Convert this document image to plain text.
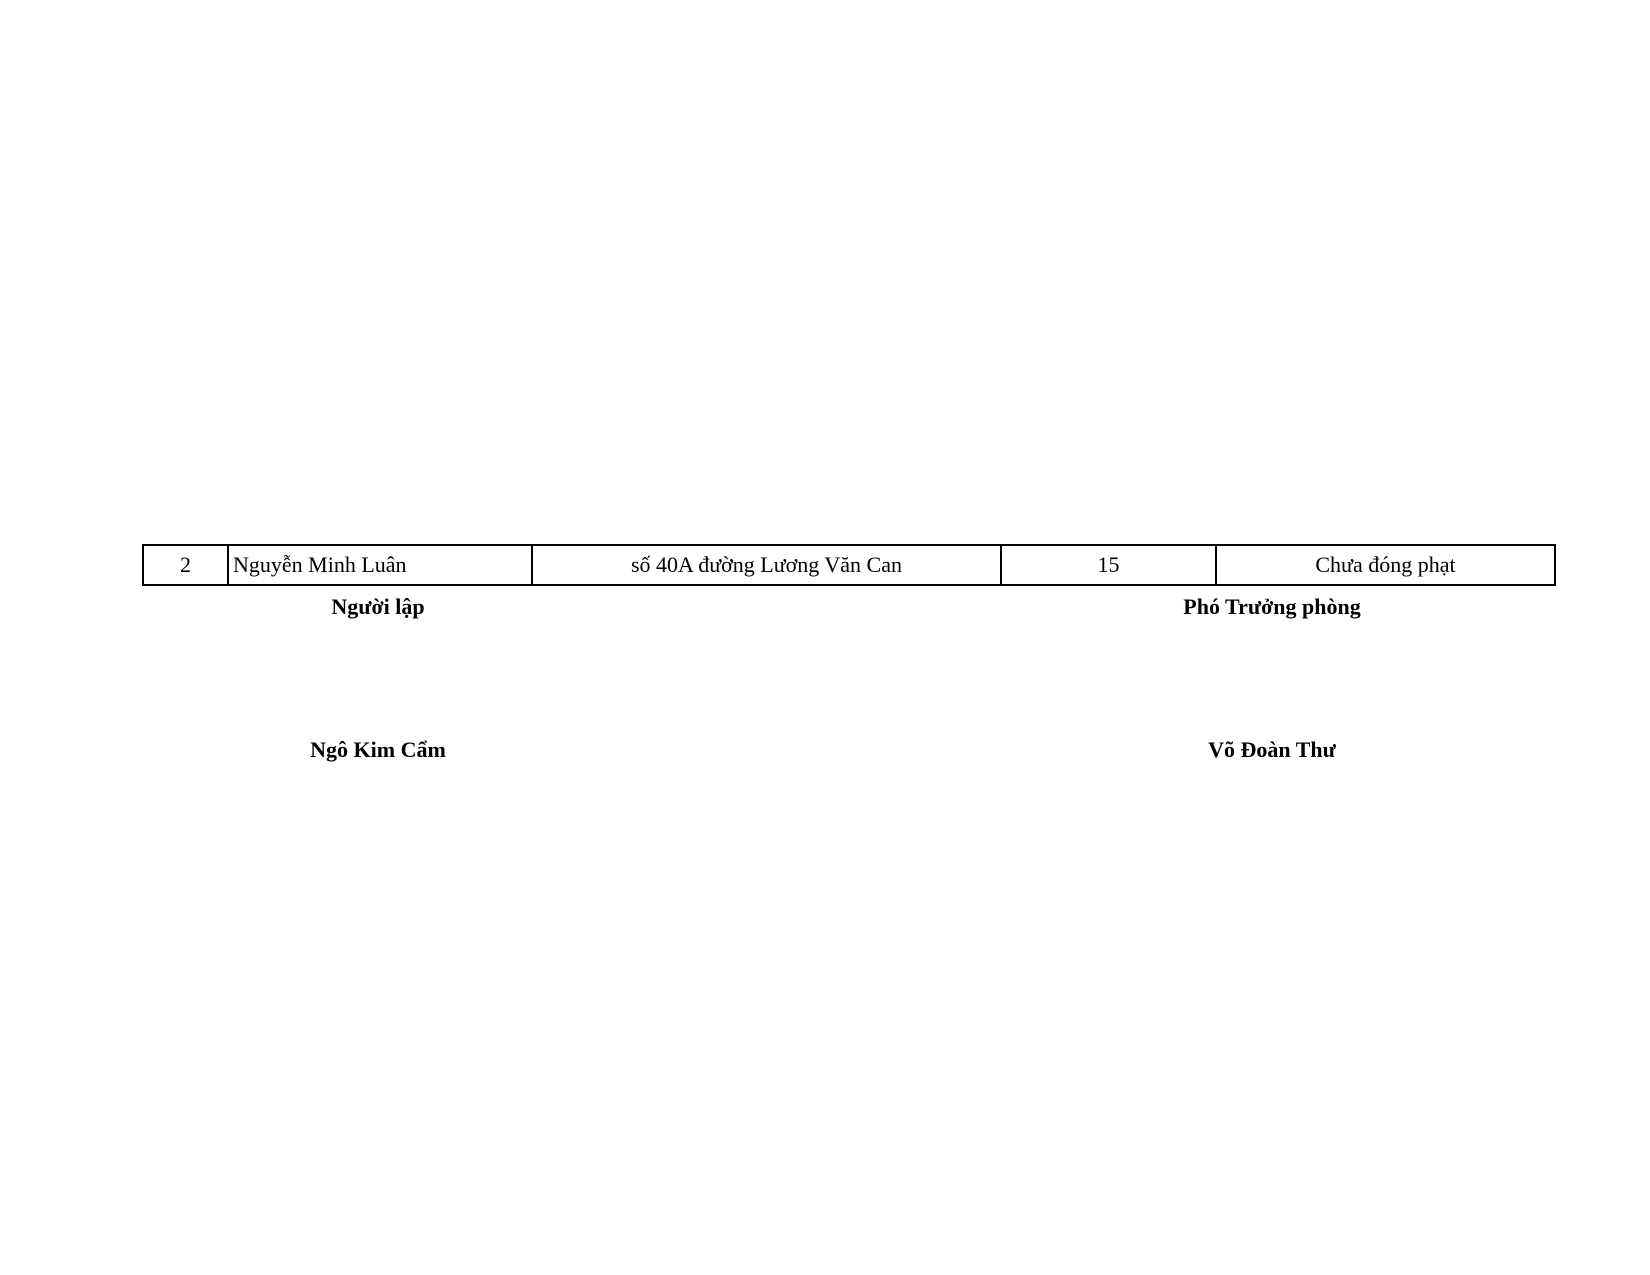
2	Nguyễn Minh Luân	số 40A đường Lương Văn Can	15	Chưa đóng phạt
Người lập	Phó Trưởng phòng
Ngô Kim Cẩm	Võ Đoàn Thư
